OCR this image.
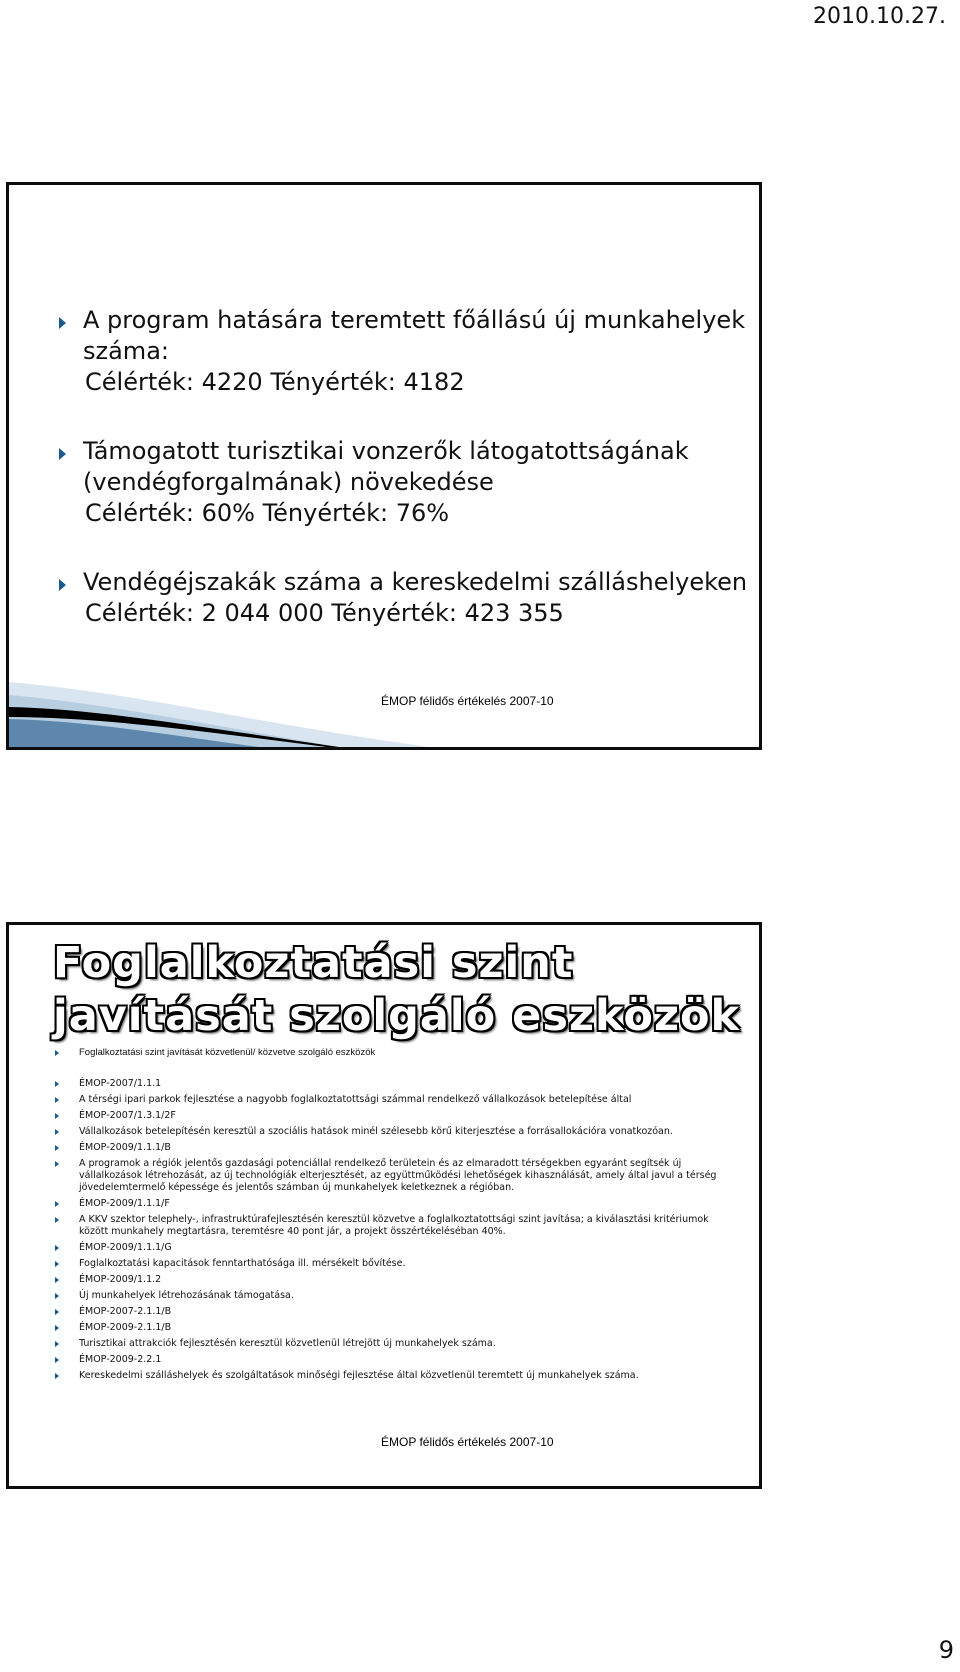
2010.10.27.
A program hatására teremtett főállású új munkahelyek száma:
Célérték: 4220 Tényérték: 4182
Támogatott turisztikai vonzerők látogatottságának (vendégforgalmának) növekedése
Célérték: 60% Tényérték: 76%
Vendégéjszakák száma a kereskedelmi szálláshelyeken
Célérték: 2 044 000 Tényérték: 423 355
ÉMOP félidős értékelés 2007-10
Foglalkoztatási szint javítását szolgáló eszközök
Foglalkoztatási szint javítását közvetlenül/ közvetve szolgáló eszközök
ÉMOP-2007/1.1.1
A térségi ipari parkok fejlesztése a nagyobb foglalkoztatottsági számmal rendelkező vállalkozások betelepítése által
ÉMOP-2007/1.3.1/2F
Vállalkozások betelepítésén keresztül a szociális hatások minél szélesebb körű kiterjesztése a forrásallokációra vonatkozóan.
ÉMOP-2009/1.1.1/B
A programok a régiók jelentős gazdasági potenciállal rendelkező területein és az elmaradott térségekben egyaránt segítsék új vállalkozások létrehozását, az új technológiák elterjesztését, az együttműködési lehetőségek kihasználását, amely által javul a térség jövedelemtermelő képessége és jelentős számban új munkahelyek keletkeznek a régióban.
ÉMOP-2009/1.1.1/F
A KKV szektor telephely-, infrastruktúrafejlesztésén keresztül közvetve a foglalkoztatottsági szint javítása; a kiválasztási kritériumok között munkahely megtartásra, teremtésre 40 pont jár, a projekt összértékeléséban 40%.
ÉMOP-2009/1.1.1/G
Foglalkoztatási kapacitások fenntarthatósága ill. mérsékelt bővítése.
ÉMOP-2009/1.1.2
Új munkahelyek létrehozásának támogatása.
ÉMOP-2007-2.1.1/B
ÉMOP-2009-2.1.1/B
Turisztikai attrakciók fejlesztésén keresztül közvetlenül létrejött új munkahelyek száma.
ÉMOP-2009-2.2.1
Kereskedelmi szálláshelyek és szolgáltatások minőségi fejlesztése által közvetlenül teremtett új munkahelyek száma.
ÉMOP félidős értékelés 2007-10
9
